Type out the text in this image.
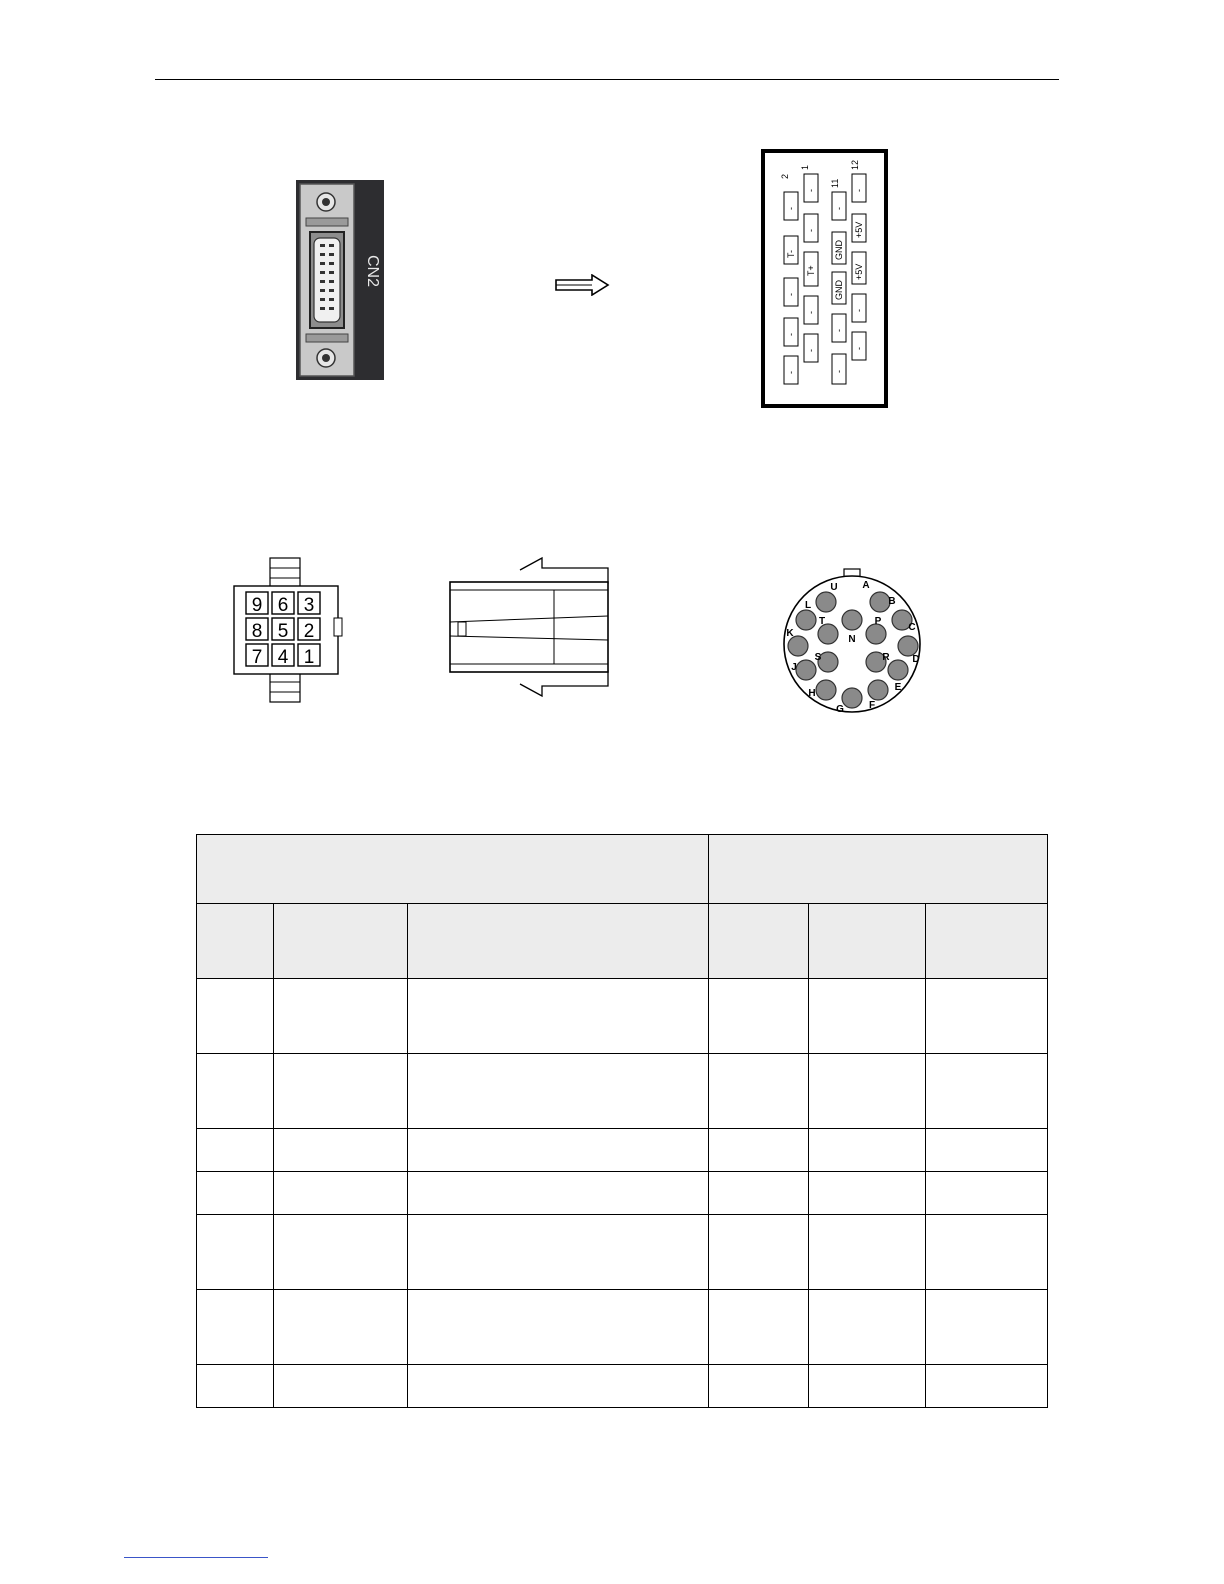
CN2
2
1
11
12
-
T-
-
-
-
-
-
T+
-
-
-
GND
GND
-
-
-
+5V
+5V
-
-
9 6 3
8 5 2
7 4 1
A
B
C
D
E
F
G
H
J
K
L
U
T
N
P
S	R
